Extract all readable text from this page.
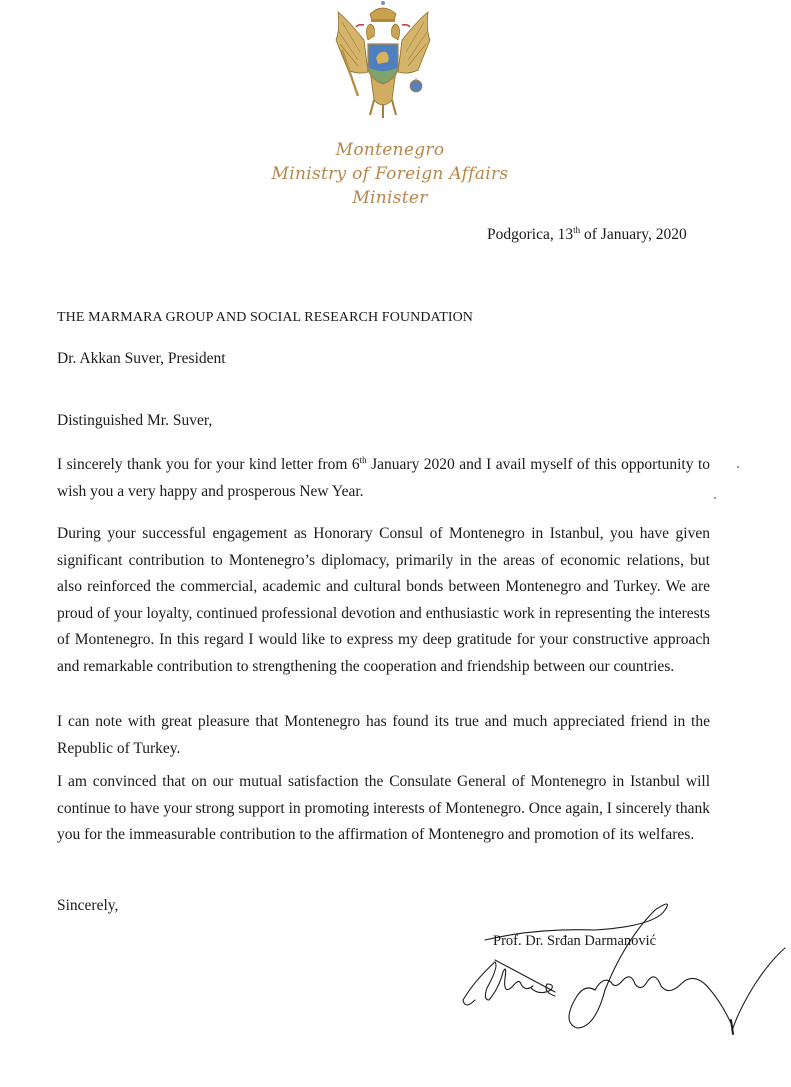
Montenegro
Ministry of Foreign Affairs
Minister
Podgorica, 13th of January, 2020
THE MARMARA GROUP AND SOCIAL RESEARCH FOUNDATION
Dr. Akkan Suver, President
Distinguished Mr. Suver,

I sincerely thank you for your kind letter from 6th January 2020 and I avail myself of this opportunity to wish you a very happy and prosperous New Year.

During your successful engagement as Honorary Consul of Montenegro in Istanbul, you have given significant contribution to Montenegro’s diplomacy, primarily in the areas of economic relations, but also reinforced the commercial, academic and cultural bonds between Montenegro and Turkey. We are proud of your loyalty, continued professional devotion and enthusiastic work in representing the interests of Montenegro. In this regard I would like to express my deep gratitude for your constructive approach and remarkable contribution to strengthening the cooperation and friendship between our countries.

I can note with great pleasure that Montenegro has found its true and much appreciated friend in the Republic of Turkey.

I am convinced that on our mutual satisfaction the Consulate General of Montenegro in Istanbul will continue to have your strong support in promoting interests of Montenegro. Once again, I sincerely thank you for the immeasurable contribution to the affirmation of Montenegro and promotion of its welfares.

Sincerely,
Prof. Dr. Srđan Darmanović
